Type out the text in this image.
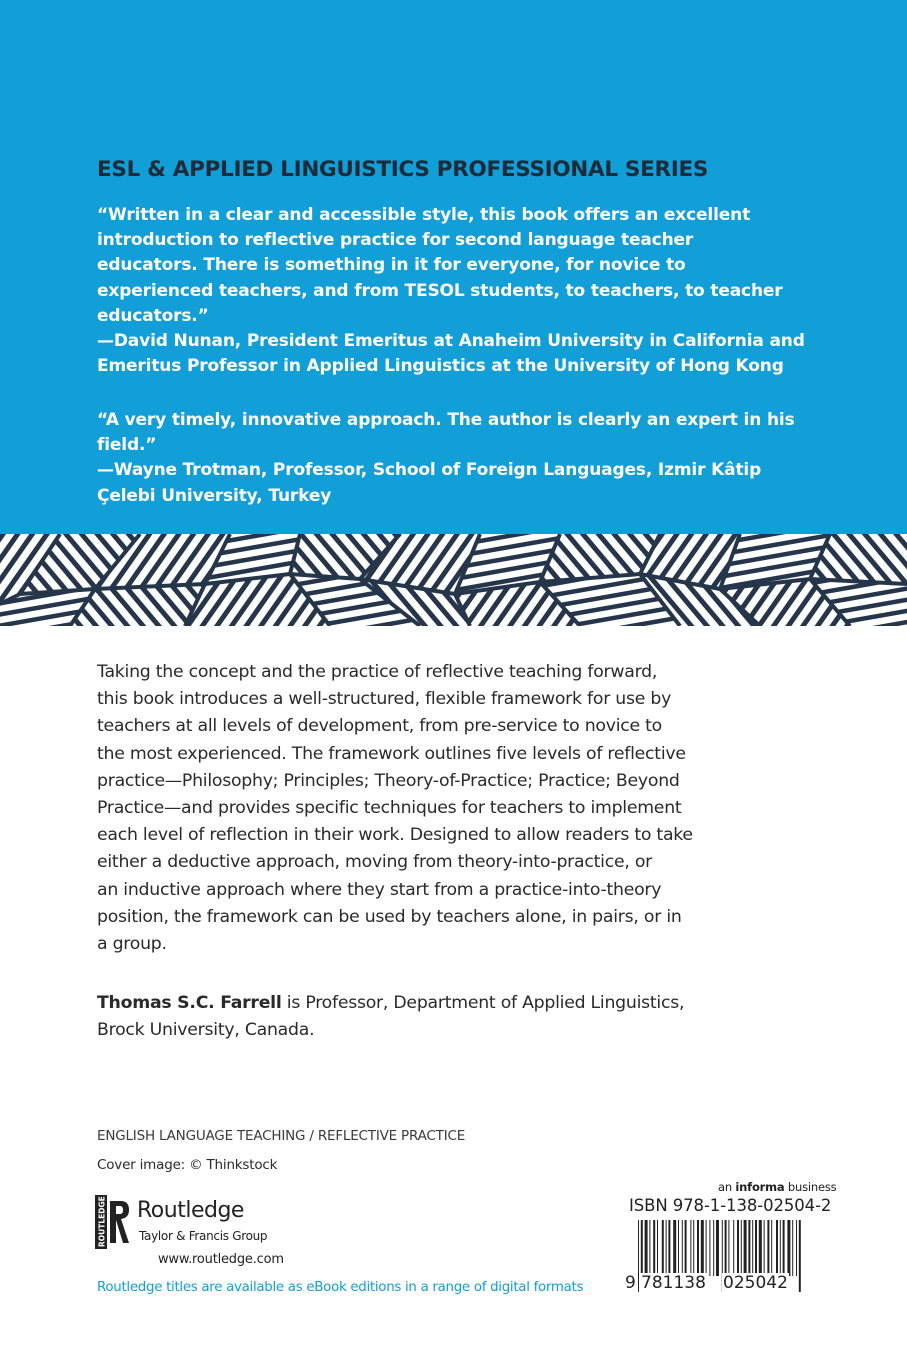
ESL & APPLIED LINGUISTICS PROFESSIONAL SERIES

“Written in a clear and accessible style, this book offers an excellent

introduction to reflective practice for second language teacher

educators. There is something in it for everyone, for novice to

experienced teachers, and from TESOL students, to teachers, to teacher

educators.”

—David Nunan, President Emeritus at Anaheim University in California and

Emeritus Professor in Applied Linguistics at the University of Hong Kong

“A very timely, innovative approach. The author is clearly an expert in his

field.”

—Wayne Trotman, Professor, School of Foreign Languages, Izmir Kâtip

Çelebi University, Turkey

Taking the concept and the practice of reflective teaching forward,

this book introduces a well-structured, flexible framework for use by

teachers at all levels of development, from pre-service to novice to

the most experienced. The framework outlines five levels of reflective

practice—Philosophy; Principles; Theory-of-Practice; Practice; Beyond

Practice—and provides specific techniques for teachers to implement

each level of reflection in their work. Designed to allow readers to take

either a deductive approach, moving from theory-into-practice, or

an inductive approach where they start from a practice-into-theory

position, the framework can be used by teachers alone, in pairs, or in

a group.

Thomas S.C. Farrell is Professor, Department of Applied Linguistics,

Brock University, Canada.

ENGLISH LANGUAGE TEACHING / REFLECTIVE PRACTICE
Cover image: © Thinkstock
ROUTLEDGE Routledge
Taylor & Francis Group
www.routledge.com
Routledge titles are available as eBook editions in a range of digital formats
an informa business
ISBN 978-1-138-02504-2
9 781138 025042
